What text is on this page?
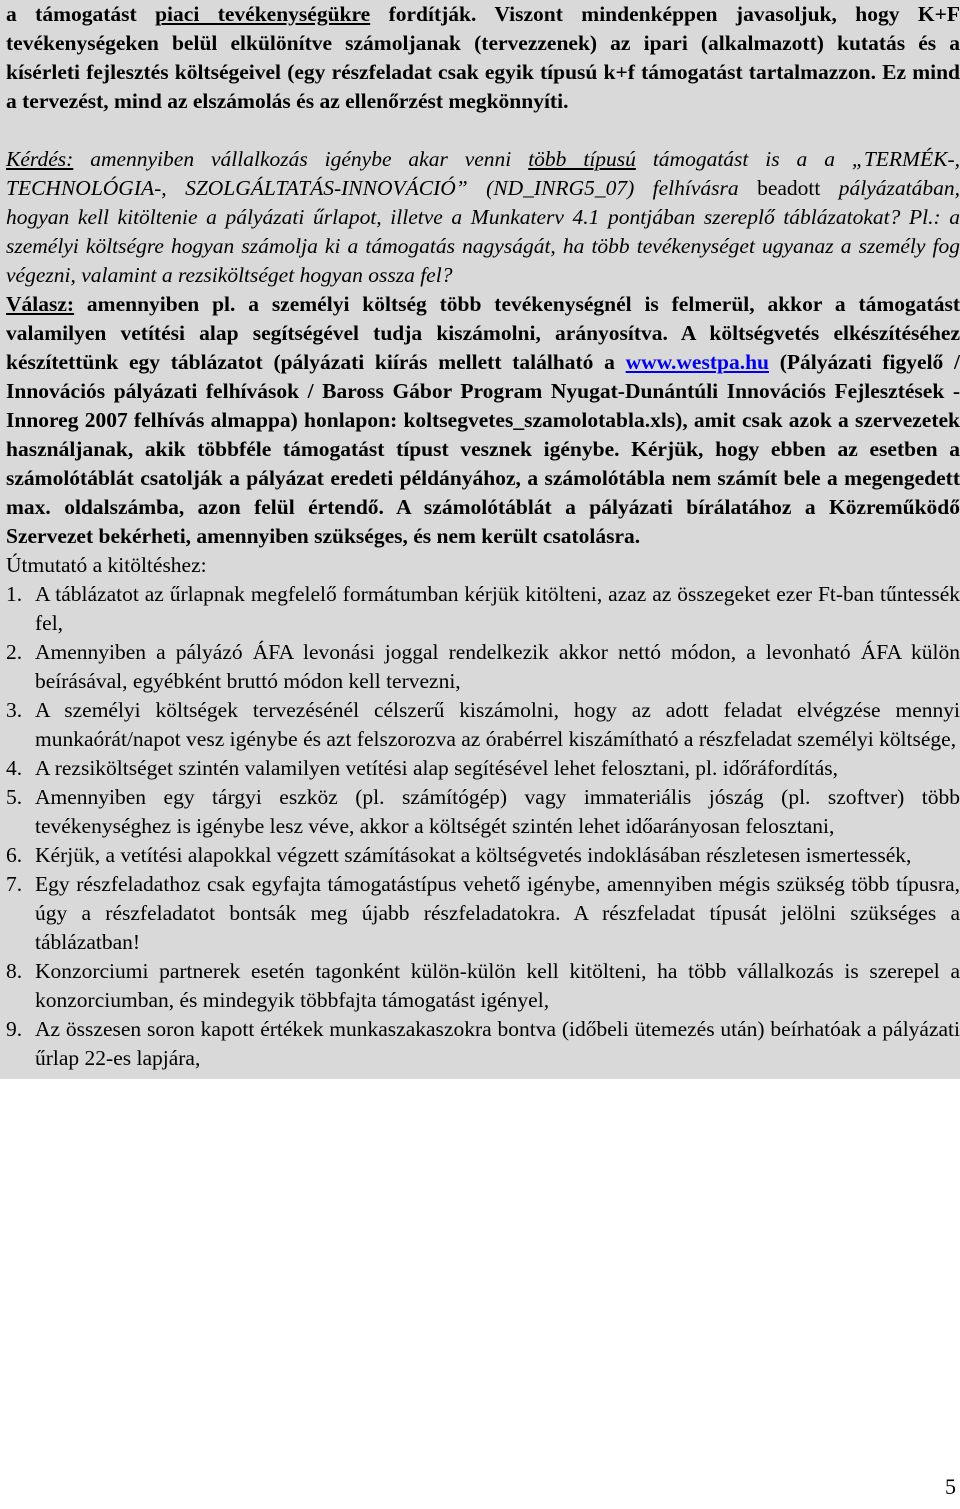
a támogatást piaci tevékenységükre fordítják. Viszont mindenképpen javasoljuk, hogy K+F tevékenységeken belül elkülönítve számoljanak (tervezzenek) az ipari (alkalmazott) kutatás és a kísérleti fejlesztés költségeivel (egy részfeladat csak egyik típusú k+f támogatást tartalmazzon. Ez mind a tervezést, mind az elszámolás és az ellenőrzést megkönnyíti.
Kérdés: amennyiben vállalkozás igénybe akar venni több típusú támogatást is a a „TERMÉK-, TECHNOLÓGIA-, SZOLGÁLTATÁS-INNOVÁCIÓ” (ND_INRG5_07) felhívásra beadott pályázatában, hogyan kell kitöltenie a pályázati űrlapot, illetve a Munkaterv 4.1 pontjában szereplő táblázatokat? Pl.: a személyi költségre hogyan számolja ki a támogatás nagyságát, ha több tevékenységet ugyanaz a személy fog végezni, valamint a rezsiköltséget hogyan ossza fel?
Válasz: amennyiben pl. a személyi költség több tevékenységnél is felmerül, akkor a támogatást valamilyen vetítési alap segítségével tudja kiszámolni, arányosítva. A költségvetés elkészítéséhez készítettünk egy táblázatot (pályázati kiírás mellett található a www.westpa.hu (Pályázati figyelő / Innovációs pályázati felhívások / Baross Gábor Program Nyugat-Dunántúli Innovációs Fejlesztések - Innoreg 2007 felhívás almappa) honlapon: koltsegvetes_szamolotabla.xls), amit csak azok a szervezetek használjanak, akik többféle támogatást típust vesznek igénybe. Kérjük, hogy ebben az esetben a számolótáblát csatolják a pályázat eredeti példányához, a számolótábla nem számít bele a megengedett max. oldalszámba, azon felül értendő. A számolótáblát a pályázati bírálatához a Közreműködő Szervezet bekérheti, amennyiben szükséges, és nem került csatolásra.
Útmutató a kitöltéshez:
1. A táblázatot az űrlapnak megfelelő formátumban kérjük kitölteni, azaz az összegeket ezer Ft-ban tűntessék fel,
2. Amennyiben a pályázó ÁFA levonási joggal rendelkezik akkor nettó módon, a levonható ÁFA külön beírásával, egyébként bruttó módon kell tervezni,
3. A személyi költségek tervezésénél célszerű kiszámolni, hogy az adott feladat elvégzése mennyi munkaórát/napot vesz igénybe és azt felszorozva az órabérrel kiszámítható a részfeladat személyi költsége,
4. A rezsiköltséget szintén valamilyen vetítési alap segítésével lehet felosztani, pl. időráfordítás,
5. Amennyiben egy tárgyi eszköz (pl. számítógép) vagy immateriális jószág (pl. szoftver) több tevékenységhez is igénybe lesz véve, akkor a költségét szintén lehet időarányosan felosztani,
6. Kérjük, a vetítési alapokkal végzett számításokat a költségvetés indoklásában részletesen ismertessék,
7. Egy részfeladathoz csak egyfajta támogatástípus vehető igénybe, amennyiben mégis szükség több típusra, úgy a részfeladatot bontsák meg újabb részfeladatokra. A részfeladat típusát jelölni szükséges a táblázatban!
8. Konzorciumi partnerek esetén tagonként külön-külön kell kitölteni, ha több vállalkozás is szerepel a konzorciumban, és mindegyik többfajta támogatást igényel,
9. Az összesen soron kapott értékek munkaszakaszokra bontva (időbeli ütemezés után) beírhatóak a pályázati űrlap 22-es lapjára,
5
